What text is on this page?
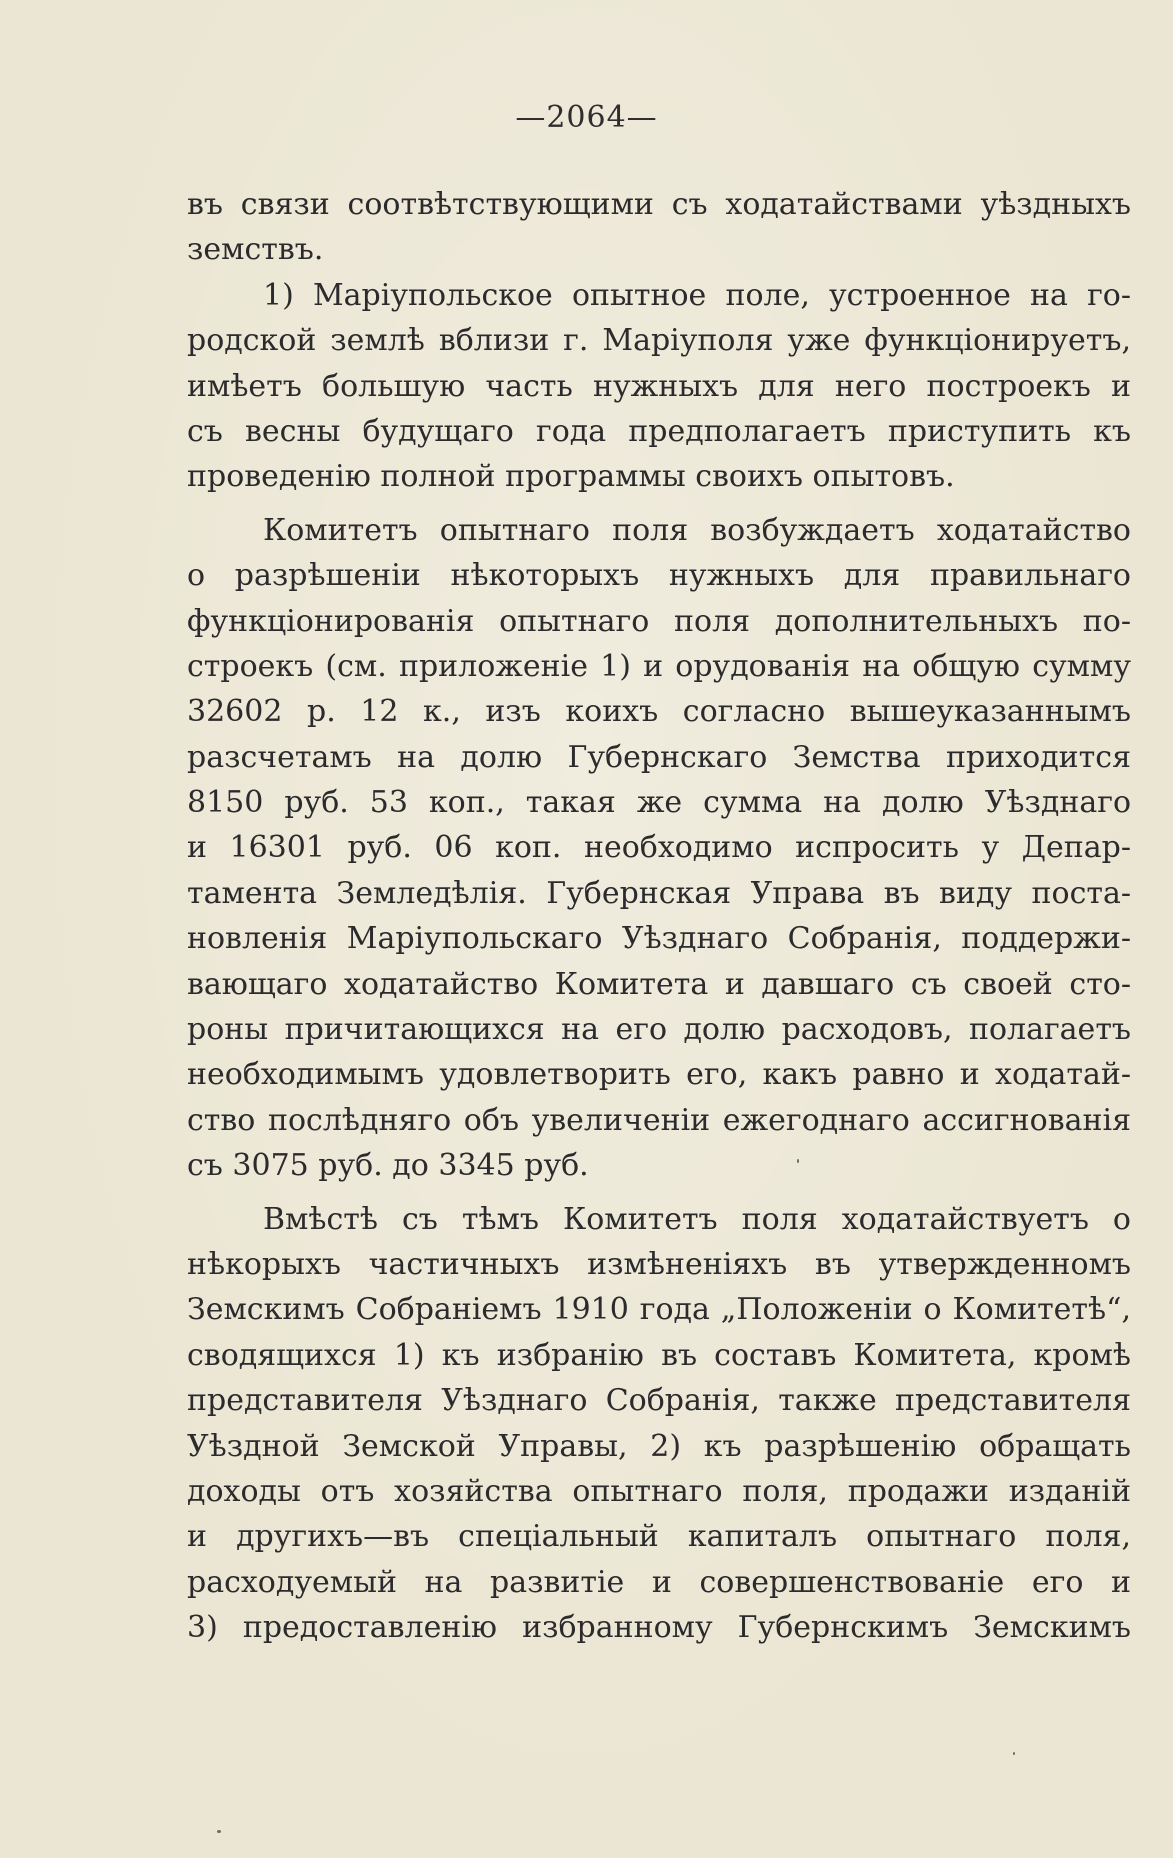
—2064—
въ связи соотвѣтствующими съ ходатайствами уѣздныхъ
земствъ.
1) Маріупольское опытное поле, устроенное на го-
родской землѣ вблизи г. Маріуполя уже функціонируетъ,
имѣетъ большую часть нужныхъ для него построекъ и
съ весны будущаго года предполагаетъ приступить къ
проведенію полной программы своихъ опытовъ.
Комитетъ опытнаго поля возбуждаетъ ходатайство
о разрѣшеніи нѣкоторыхъ нужныхъ для правильнаго
функціонированія опытнаго поля дополнительныхъ по-
строекъ (см. приложеніе 1) и орудованія на общую сумму
32602 р. 12 к., изъ коихъ согласно вышеуказаннымъ
разсчетамъ на долю Губернскаго Земства приходится
8150 руб. 53 коп., такая же сумма на долю Уѣзднаго
и 16301 руб. 06 коп. необходимо испросить у Депар-
тамента Земледѣлія. Губернская Управа въ виду поста-
новленія Маріупольскаго Уѣзднаго Собранія, поддержи-
вающаго ходатайство Комитета и давшаго съ своей сто-
роны причитающихся на его долю расходовъ, полагаетъ
необходимымъ удовлетворить его, какъ равно и ходатай-
ство послѣдняго объ увеличеніи ежегоднаго ассигнованія
съ 3075 руб. до 3345 руб.
Вмѣстѣ съ тѣмъ Комитетъ поля ходатайствуетъ о
нѣкорыхъ частичныхъ измѣненіяхъ въ утвержденномъ
Земскимъ Собраніемъ 1910 года „Положеніи о Комитетѣ“,
сводящихся 1) къ избранію въ составъ Комитета, кромѣ
представителя Уѣзднаго Собранія, также представителя
Уѣздной Земской Управы, 2) къ разрѣшенію обращать
доходы отъ хозяйства опытнаго поля, продажи изданій
и другихъ—въ спеціальный капиталъ опытнаго поля,
расходуемый на развитіе и совершенствованіе его и
3) предоставленію избранному Губернскимъ Земскимъ
